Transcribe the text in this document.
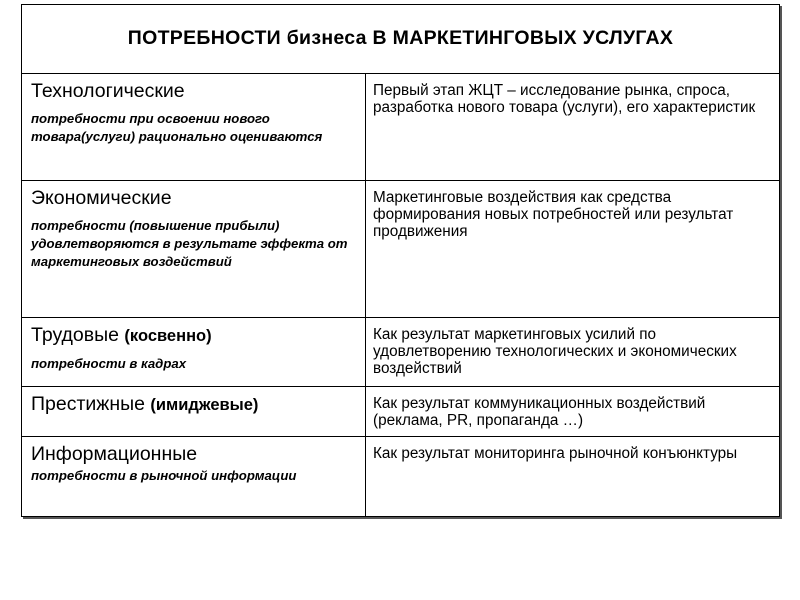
ПОТРЕБНОСТИ бизнеса В МАРКЕТИНГОВЫХ УСЛУГАХ	

Технологические
потребности при освоении нового товара(услуги) рационально оцениваются	Первый этап ЖЦТ – исследование рынка, спроса, разработка нового товара (услуги), его характеристик

Экономические
потребности (повышение прибыли) удовлетворяются в результате эффекта от маркетинговых воздействий	Маркетинговые воздействия как средства формирования новых потребностей или результат продвижения

Трудовые (косвенно)
потребности в кадрах	Как результат маркетинговых усилий по удовлетворению технологических и экономических воздействий

Престижные (имиджевые)	Как результат коммуникационных воздействий (реклама, PR, пропаганда …)

Информационные
потребности в рыночной информации	Как результат мониторинга рыночной конъюнктуры
